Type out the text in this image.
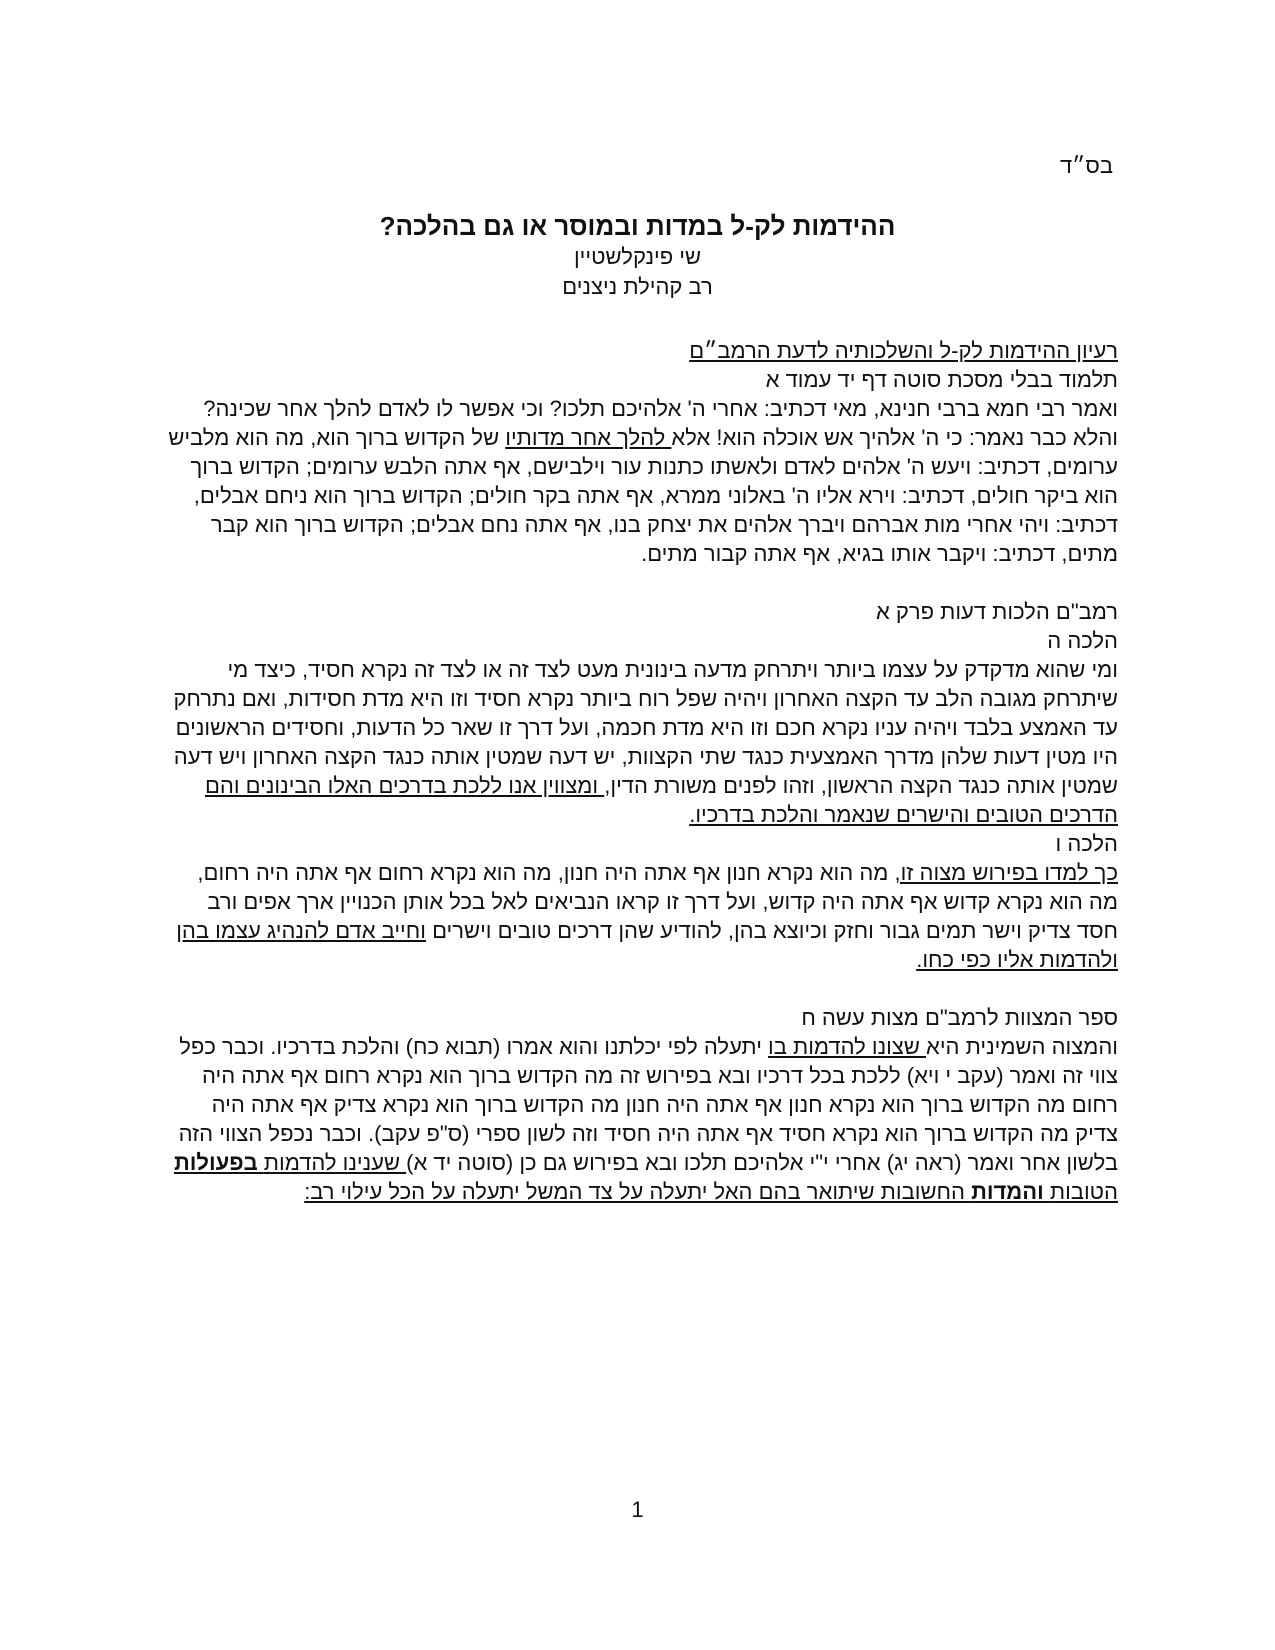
בס״ד

ההידמות לק-ל במדות ובמוסר או גם בהלכה?

שי פינקלשטיין

רב קהילת ניצנים

רעיון ההידמות לק-ל והשלכותיה לדעת הרמב״ם

תלמוד בבלי מסכת סוטה דף יד עמוד א

ואמר רבי חמא ברבי חנינא, מאי דכתיב: אחרי ה' אלהיכם תלכו? וכי אפשר לו לאדם להלך אחר שכינה? והלא כבר נאמר: כי ה' אלהיך אש אוכלה הוא! אלא להלך אחר מדותיו של הקדוש ברוך הוא, מה הוא מלביש ערומים, דכתיב: ויעש ה' אלהים לאדם ולאשתו כתנות עור וילבישם, אף אתה הלבש ערומים; הקדוש ברוך הוא ביקר חולים, דכתיב: וירא אליו ה' באלוני ממרא, אף אתה בקר חולים; הקדוש ברוך הוא ניחם אבלים, דכתיב: ויהי אחרי מות אברהם ויברך אלהים את יצחק בנו, אף אתה נחם אבלים; הקדוש ברוך הוא קבר מתים, דכתיב: ויקבר אותו בגיא, אף אתה קבור מתים.

רמב"ם הלכות דעות פרק א

הלכה ה

ומי שהוא מדקדק על עצמו ביותר ויתרחק מדעה בינונית מעט לצד זה או לצד זה נקרא חסיד, כיצד מי שיתרחק מגובה הלב עד הקצה האחרון ויהיה שפל רוח ביותר נקרא חסיד וזו היא מדת חסידות, ואם נתרחק עד האמצע בלבד ויהיה עניו נקרא חכם וזו היא מדת חכמה, ועל דרך זו שאר כל הדעות, וחסידים הראשונים היו מטין דעות שלהן מדרך האמצעית כנגד שתי הקצוות, יש דעה שמטין אותה כנגד הקצה האחרון ויש דעה שמטין אותה כנגד הקצה הראשון, וזהו לפנים משורת הדין, ומצווין אנו ללכת בדרכים האלו הבינונים והם הדרכים הטובים והישרים שנאמר והלכת בדרכיו.

הלכה ו

כך למדו בפירוש מצוה זו, מה הוא נקרא חנון אף אתה היה חנון, מה הוא נקרא רחום אף אתה היה רחום, מה הוא נקרא קדוש אף אתה היה קדוש, ועל דרך זו קראו הנביאים לאל בכל אותן הכנויין ארך אפים ורב חסד צדיק וישר תמים גבור וחזק וכיוצא בהן, להודיע שהן דרכים טובים וישרים וחייב אדם להנהיג עצמו בהן ולהדמות אליו כפי כחו.

ספר המצוות לרמב"ם מצות עשה ח

והמצוה השמינית היא שצונו להדמות בו יתעלה לפי יכלתנו והוא אמרו (תבוא כח) והלכת בדרכיו. וכבר כפל צווי זה ואמר (עקב י ויא) ללכת בכל דרכיו ובא בפירוש זה מה הקדוש ברוך הוא נקרא רחום אף אתה היה רחום מה הקדוש ברוך הוא נקרא חנון אף אתה היה חנון מה הקדוש ברוך הוא נקרא צדיק אף אתה היה צדיק מה הקדוש ברוך הוא נקרא חסיד אף אתה היה חסיד וזה לשון ספרי (ס"פ עקב). וכבר נכפל הצווי הזה בלשון אחר ואמר (ראה יג) אחרי י"י אלהיכם תלכו ובא בפירוש גם כן (סוטה יד א) שענינו להדמות בפעולות הטובות והמדות החשובות שיתואר בהם האל יתעלה על צד המשל יתעלה על הכל עילוי רב:

1
